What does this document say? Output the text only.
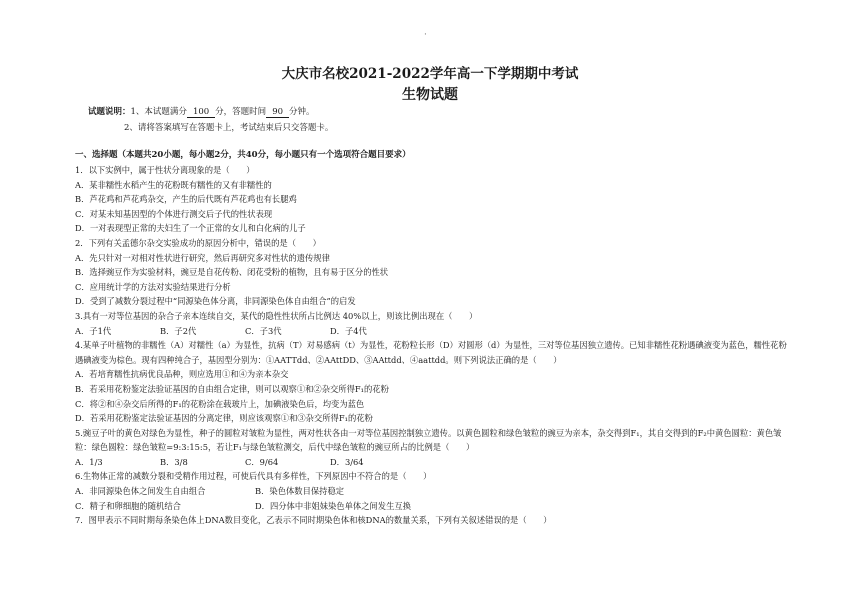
·
大庆市名校2021-2022学年高一下学期期中考试
生物试题
试题说明：1、本试题满分 100 分，答题时间 90 分钟。
2、请将答案填写在答题卡上，考试结束后只交答题卡。
一、选择题（本题共20小题，每小题2分，共40分，每小题只有一个选项符合题目要求）
1．以下实例中，属于性状分离现象的是（　　）
A．某非糯性水稻产生的花粉既有糯性的又有非糯性的
B．芦花鸡和芦花鸡杂交，产生的后代既有芦花鸡也有长腿鸡
C．对某未知基因型的个体进行测交后子代的性状表现
D．一对表现型正常的夫妇生了一个正常的女儿和白化病的儿子
2．下列有关孟德尔杂交实验成功的原因分析中，错误的是（　　）
A．先只针对一对相对性状进行研究，然后再研究多对性状的遗传规律
B．选择豌豆作为实验材料，豌豆是自花传粉、闭花受粉的植物，且有易于区分的性状
C．应用统计学的方法对实验结果进行分析
D．受到了减数分裂过程中“同源染色体分离，非同源染色体自由组合”的启发
3.具有一对等位基因的杂合子亲本连续自交，某代的隐性性状所占比例达 40%以上，则该比例出现在（　　）
A．子1代	B．子2代	C．子3代	D．子4代
4.某单子叶植物的非糯性（A）对糯性（a）为显性，抗病（T）对易感病（t）为显性，花粉粒长形（D）对圆形（d）为显性，三对等位基因独立遗传。已知非糯性花粉遇碘液变为蓝色，糯性花粉遇碘液变为棕色。现有四种纯合子，基因型分别为：①AATTdd、②AAttDD、③AAttdd、④aattdd。则下列说法正确的是（　　）
A．若培育糯性抗病优良品种，则应选用①和④为亲本杂交
B．若采用花粉鉴定法验证基因的自由组合定律，则可以观察①和②杂交所得F₁的花粉
C．将②和④杂交后所得的F₁的花粉涂在载玻片上，加碘液染色后，均变为蓝色
D．若采用花粉鉴定法验证基因的分离定律，则应该观察①和③杂交所得F₁的花粉
5.豌豆子叶的黄色对绿色为显性，种子的圆粒对皱粒为显性，两对性状各由一对等位基因控制独立遗传。以黄色圆粒和绿色皱粒的豌豆为亲本，杂交得到F₁，其自交得到的F₂中黄色圆粒：黄色皱粒：绿色圆粒：绿色皱粒=9:3:15:5，若让F₁与绿色皱粒测交，后代中绿色皱粒的豌豆所占的比例是（　　）
A．1/3	B．3/8	C．9/64	D．3/64
6.生物体正常的减数分裂和受精作用过程，可使后代具有多样性，下列原因中不符合的是（　　）
A．非同源染色体之间发生自由组合	B．染色体数目保持稳定
C．精子和卵细胞的随机结合	D．四分体中非姐妹染色单体之间发生互换
7．图甲表示不同时期每条染色体上DNA数目变化，乙表示不同时期染色体和核DNA的数量关系，下列有关叙述错误的是（　　）
